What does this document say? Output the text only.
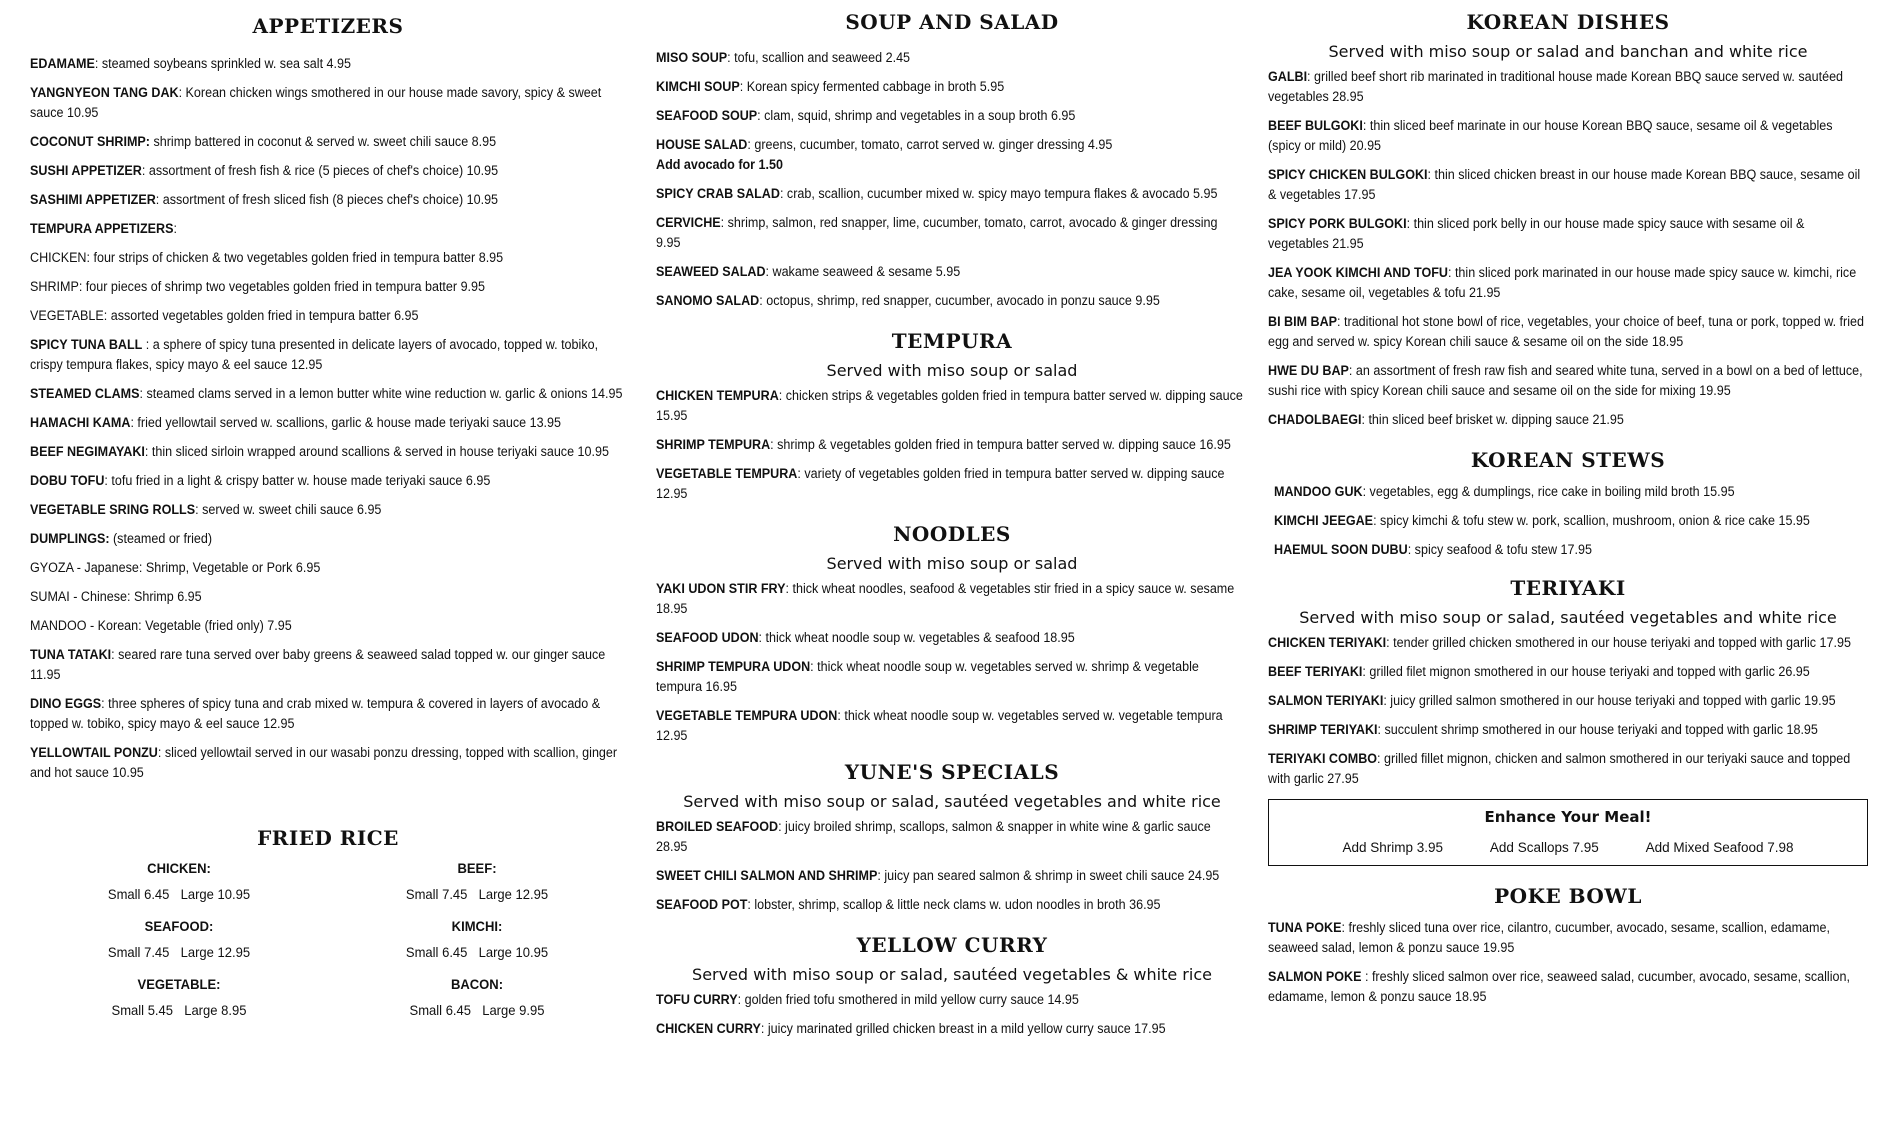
APPETIZERS
EDAMAME: steamed soybeans sprinkled w. sea salt 4.95
YANGNYEON TANG DAK: Korean chicken wings smothered in our house made savory, spicy & sweet sauce 10.95
COCONUT SHRIMP: shrimp battered in coconut & served w. sweet chili sauce 8.95
SUSHI APPETIZER: assortment of fresh fish & rice (5 pieces of chef's choice) 10.95
SASHIMI APPETIZER: assortment of fresh sliced fish (8 pieces chef's choice) 10.95
TEMPURA APPETIZERS:
CHICKEN: four strips of chicken & two vegetables golden fried in tempura batter 8.95
SHRIMP: four pieces of shrimp two vegetables golden fried in tempura batter 9.95
VEGETABLE: assorted vegetables golden fried in tempura batter 6.95
SPICY TUNA BALL : a sphere of spicy tuna presented in delicate layers of avocado, topped w. tobiko, crispy tempura flakes, spicy mayo & eel sauce 12.95
STEAMED CLAMS: steamed clams served in a lemon butter white wine reduction w. garlic & onions 14.95
HAMACHI KAMA: fried yellowtail served w. scallions, garlic & house made teriyaki sauce 13.95
BEEF NEGIMAYAKI: thin sliced sirloin wrapped around scallions & served in house teriyaki sauce 10.95
DOBU TOFU: tofu fried in a light & crispy batter w. house made teriyaki sauce 6.95
VEGETABLE SRING ROLLS: served w. sweet chili sauce 6.95
DUMPLINGS: (steamed or fried)
GYOZA - Japanese: Shrimp, Vegetable or Pork 6.95
SUMAI - Chinese: Shrimp 6.95
MANDOO - Korean: Vegetable (fried only) 7.95
TUNA TATAKI: seared rare tuna served over baby greens & seaweed salad topped w. our ginger sauce 11.95
DINO EGGS: three spheres of spicy tuna and crab mixed w. tempura & covered in layers of avocado & topped w. tobiko, spicy mayo & eel sauce 12.95
YELLOWTAIL PONZU: sliced yellowtail served in our wasabi ponzu dressing, topped with scallion, ginger and hot sauce 10.95
FRIED RICE
CHICKEN:
Small 6.45 Large 10.95
BEEF:
Small 7.45 Large 12.95
SEAFOOD:
Small 7.45 Large 12.95
KIMCHI:
Small 6.45 Large 10.95
VEGETABLE:
Small 5.45 Large 8.95
BACON:
Small 6.45 Large 9.95
SOUP AND SALAD
MISO SOUP: tofu, scallion and seaweed 2.45
KIMCHI SOUP: Korean spicy fermented cabbage in broth 5.95
SEAFOOD SOUP: clam, squid, shrimp and vegetables in a soup broth 6.95
HOUSE SALAD: greens, cucumber, tomato, carrot served w. ginger dressing 4.95
Add avocado for 1.50
SPICY CRAB SALAD: crab, scallion, cucumber mixed w. spicy mayo tempura flakes & avocado 5.95
CERVICHE: shrimp, salmon, red snapper, lime, cucumber, tomato, carrot, avocado & ginger dressing 9.95
SEAWEED SALAD: wakame seaweed & sesame 5.95
SANOMO SALAD: octopus, shrimp, red snapper, cucumber, avocado in ponzu sauce 9.95
TEMPURA
Served with miso soup or salad
CHICKEN TEMPURA: chicken strips & vegetables golden fried in tempura batter served w. dipping sauce 15.95
SHRIMP TEMPURA: shrimp & vegetables golden fried in tempura batter served w. dipping sauce 16.95
VEGETABLE TEMPURA: variety of vegetables golden fried in tempura batter served w. dipping sauce 12.95
NOODLES
Served with miso soup or salad
YAKI UDON STIR FRY: thick wheat noodles, seafood & vegetables stir fried in a spicy sauce w. sesame 18.95
SEAFOOD UDON: thick wheat noodle soup w. vegetables & seafood 18.95
SHRIMP TEMPURA UDON: thick wheat noodle soup w. vegetables served w. shrimp & vegetable tempura 16.95
VEGETABLE TEMPURA UDON: thick wheat noodle soup w. vegetables served w. vegetable tempura 12.95
YUNE'S SPECIALS
Served with miso soup or salad, sautéed vegetables and white rice
BROILED SEAFOOD: juicy broiled shrimp, scallops, salmon & snapper in white wine & garlic sauce 28.95
SWEET CHILI SALMON AND SHRIMP: juicy pan seared salmon & shrimp in sweet chili sauce 24.95
SEAFOOD POT: lobster, shrimp, scallop & little neck clams w. udon noodles in broth 36.95
YELLOW CURRY
Served with miso soup or salad, sautéed vegetables & white rice
TOFU CURRY: golden fried tofu smothered in mild yellow curry sauce 14.95
CHICKEN CURRY: juicy marinated grilled chicken breast in a mild yellow curry sauce 17.95
KOREAN DISHES
Served with miso soup or salad and banchan and white rice
GALBI: grilled beef short rib marinated in traditional house made Korean BBQ sauce served w. sautéed vegetables 28.95
BEEF BULGOKI: thin sliced beef marinate in our house Korean BBQ sauce, sesame oil & vegetables (spicy or mild) 20.95
SPICY CHICKEN BULGOKI: thin sliced chicken breast in our house made Korean BBQ sauce, sesame oil & vegetables 17.95
SPICY PORK BULGOKI: thin sliced pork belly in our house made spicy sauce with sesame oil & vegetables 21.95
JEA YOOK KIMCHI AND TOFU: thin sliced pork marinated in our house made spicy sauce w. kimchi, rice cake, sesame oil, vegetables & tofu 21.95
BI BIM BAP: traditional hot stone bowl of rice, vegetables, your choice of beef, tuna or pork, topped w. fried egg and served w. spicy Korean chili sauce & sesame oil on the side 18.95
HWE DU BAP: an assortment of fresh raw fish and seared white tuna, served in a bowl on a bed of lettuce, sushi rice with spicy Korean chili sauce and sesame oil on the side for mixing 19.95
CHADOLBAEGI: thin sliced beef brisket w. dipping sauce 21.95
KOREAN STEWS
MANDOO GUK: vegetables, egg & dumplings, rice cake in boiling mild broth 15.95
KIMCHI JEEGAE: spicy kimchi & tofu stew w. pork, scallion, mushroom, onion & rice cake 15.95
HAEMUL SOON DUBU: spicy seafood & tofu stew 17.95
TERIYAKI
Served with miso soup or salad, sautéed vegetables and white rice
CHICKEN TERIYAKI: tender grilled chicken smothered in our house teriyaki and topped with garlic 17.95
BEEF TERIYAKI: grilled filet mignon smothered in our house teriyaki and topped with garlic 26.95
SALMON TERIYAKI: juicy grilled salmon smothered in our house teriyaki and topped with garlic 19.95
SHRIMP TERIYAKI: succulent shrimp smothered in our house teriyaki and topped with garlic 18.95
TERIYAKI COMBO: grilled fillet mignon, chicken and salmon smothered in our teriyaki sauce and topped with garlic 27.95
Enhance Your Meal!
Add Shrimp 3.95	Add Scallops 7.95	Add Mixed Seafood 7.98
POKE BOWL
TUNA POKE: freshly sliced tuna over rice, cilantro, cucumber, avocado, sesame, scallion, edamame, seaweed salad, lemon & ponzu sauce 19.95
SALMON POKE : freshly sliced salmon over rice, seaweed salad, cucumber, avocado, sesame, scallion, edamame, lemon & ponzu sauce 18.95
